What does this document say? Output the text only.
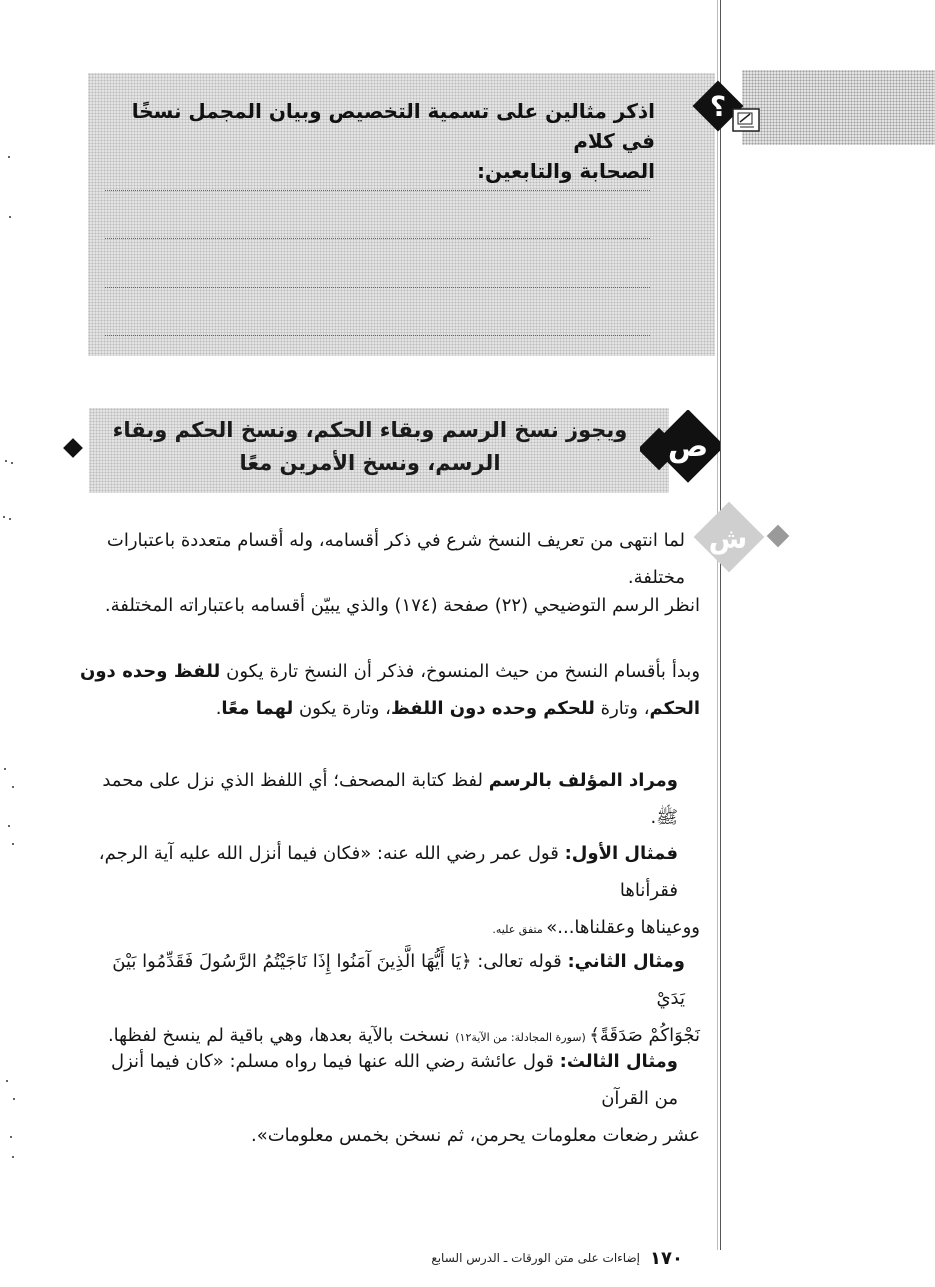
؟
اذكر مثالين على تسمية التخصيص وبيان المجمل نسخًا في كلام
الصحابة والتابعين:
ويجوز نسخ الرسم وبقاء الحكم، ونسخ الحكم وبقاء
الرسم، ونسخ الأمرين معًا	ص
ش
لما انتهى من تعريف النسخ شرع في ذكر أقسامه، وله أقسام متعددة باعتبارات مختلفة.
انظر الرسم التوضيحي (٢٢) صفحة (١٧٤) والذي يبيّن أقسامه باعتباراته المختلفة.
وبدأ بأقسام النسخ من حيث المنسوخ، فذكر أن النسخ تارة يكون للفظ وحده دون الحكم، وتارة للحكم وحده دون اللفظ، وتارة يكون لهما معًا.
ومراد المؤلف بالرسم لفظ كتابة المصحف؛ أي اللفظ الذي نزل على محمد ﷺ.
فمثال الأول: قول عمر رضي الله عنه: «فكان فيما أنزل الله عليه آية الرجم، فقرأناها
ووعيناها وعقلناها...» متفق عليه.
ومثال الثاني: قوله تعالى: ﴿يَا أَيُّهَا الَّذِينَ آمَنُوا إِذَا نَاجَيْتُمُ الرَّسُولَ فَقَدِّمُوا بَيْنَ يَدَيْ
نَجْوَاكُمْ صَدَقَةً﴾ (سورة المجادلة: من الآية١٢) نسخت بالآية بعدها، وهي باقية لم ينسخ لفظها.
ومثال الثالث: قول عائشة رضي الله عنها فيما رواه مسلم: «كان فيما أنزل من القرآن
عشر رضعات معلومات يحرمن، ثم نسخن بخمس معلومات».
١٧٠
إضاءات على متن الورقات ـ الدرس السابع
